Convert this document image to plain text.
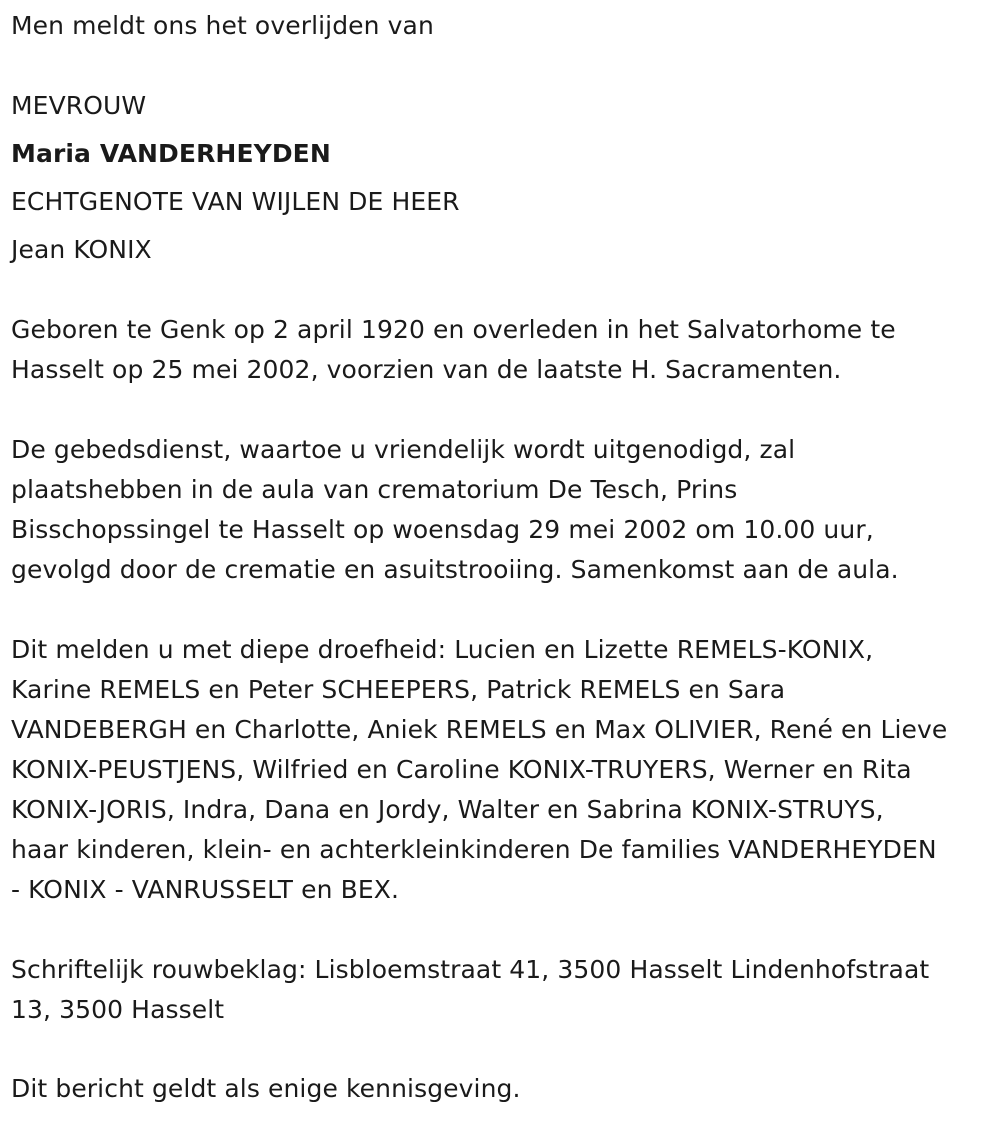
Men meldt ons het overlijden van
MEVROUW
Maria VANDERHEYDEN
ECHTGENOTE VAN WIJLEN DE HEER
Jean KONIX
Geboren te Genk op 2 april 1920 en overleden in het Salvatorhome te
Hasselt op 25 mei 2002, voorzien van de laatste H. Sacramenten.
De gebedsdienst, waartoe u vriendelijk wordt uitgenodigd, zal
plaatshebben in de aula van crematorium De Tesch, Prins
Bisschopssingel te Hasselt op woensdag 29 mei 2002 om 10.00 uur,
gevolgd door de crematie en asuitstrooiing. Samenkomst aan de aula.
Dit melden u met diepe droefheid: Lucien en Lizette REMELS-KONIX,
Karine REMELS en Peter SCHEEPERS, Patrick REMELS en Sara
VANDEBERGH en Charlotte, Aniek REMELS en Max OLIVIER, René en Lieve
KONIX-PEUSTJENS, Wilfried en Caroline KONIX-TRUYERS, Werner en Rita
KONIX-JORIS, Indra, Dana en Jordy, Walter en Sabrina KONIX-STRUYS,
haar kinderen, klein- en achterkleinkinderen De families VANDERHEYDEN
- KONIX - VANRUSSELT en BEX.
Schriftelijk rouwbeklag: Lisbloemstraat 41, 3500 Hasselt Lindenhofstraat
13, 3500 Hasselt
Dit bericht geldt als enige kennisgeving.
